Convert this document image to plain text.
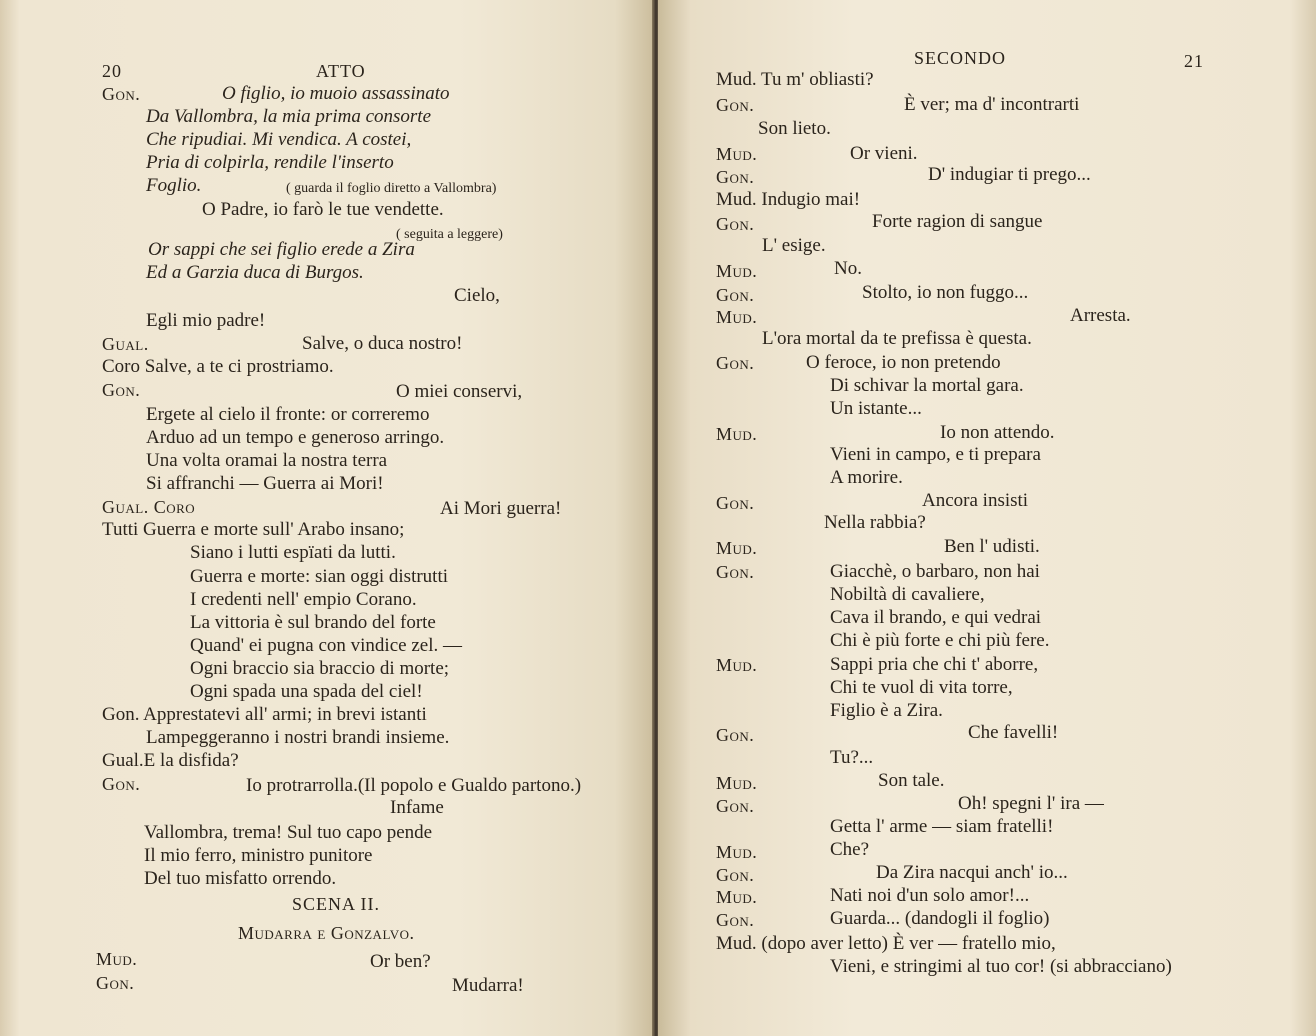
20	ATTO
Gon.	O figlio, io muoio assassinato
Da Vallombra, la mia prima consorte
Che ripudiai. Mi vendica. A costei,
Pria di colpirla, rendile l'inserto
Foglio.	( guarda il foglio diretto a Vallombra)
O Padre, io farò le tue vendette.
( seguita a leggere)
Or sappi che sei figlio erede a Zira
Ed a Garzia duca di Burgos.
Cielo,
Egli mio padre!
Gual.	Salve, o duca nostro!
Coro Salve, a te ci prostriamo.
Gon.	O miei conservi,
Ergete al cielo il fronte: or correremo
Arduo ad un tempo e generoso arringo.
Una volta oramai la nostra terra
Si affranchi — Guerra ai Mori!
Gual. Coro	Ai Mori guerra!
Tutti Guerra e morte sull' Arabo insano;
Siano i lutti espïati da lutti.
Guerra e morte: sian oggi distrutti
I credenti nell' empio Corano.
La vittoria è sul brando del forte
Quand' ei pugna con vindice zel. —
Ogni braccio sia braccio di morte;
Ogni spada una spada del ciel!
Gon. Apprestatevi all' armi; in brevi istanti
Lampeggeranno i nostri brandi insieme.
Gual.E la disfida?
Gon.	Io protrarrolla.(Il popolo e Gualdo partono.)
Infame
Vallombra, trema! Sul tuo capo pende
Il mio ferro, ministro punitore
Del tuo misfatto orrendo.
SCENA II.
Mudarra e Gonzalvo.
Mud.	Or ben?
Gon.	Mudarra!
SECONDO	21
Mud. Tu m' obliasti?
Gon.	È ver; ma d' incontrarti
Son lieto.
Mud.	Or vieni.
Gon.	D' indugiar ti prego...
Mud. Indugio mai!
Gon.	Forte ragion di sangue
L' esige.
Mud.	No.
Gon.	Stolto, io non fuggo...
Mud.	Arresta.
L'ora mortal da te prefissa è questa.
Gon.	O feroce, io non pretendo
Di schivar la mortal gara.
Un istante...
Mud.	Io non attendo.
Vieni in campo, e ti prepara
A morire.
Gon.	Ancora insisti
Nella rabbia?
Mud.	Ben l' udisti.
Gon.	Giacchè, o barbaro, non hai
Nobiltà di cavaliere,
Cava il brando, e qui vedrai
Chi è più forte e chi più fere.
Mud.	Sappi pria che chi t' aborre,
Chi te vuol di vita torre,
Figlio è a Zira.
Gon.	Che favelli!
Tu?...
Mud.	Son tale.
Gon.	Oh! spegni l' ira —
Getta l' arme — siam fratelli!
Mud.	Che?
Gon.	Da Zira nacqui anch' io...
Mud.	Nati noi d'un solo amor!...
Gon.	Guarda... (dandogli il foglio)
Mud. (dopo aver letto) È ver — fratello mio,
Vieni, e stringimi al tuo cor! (si abbracciano)
